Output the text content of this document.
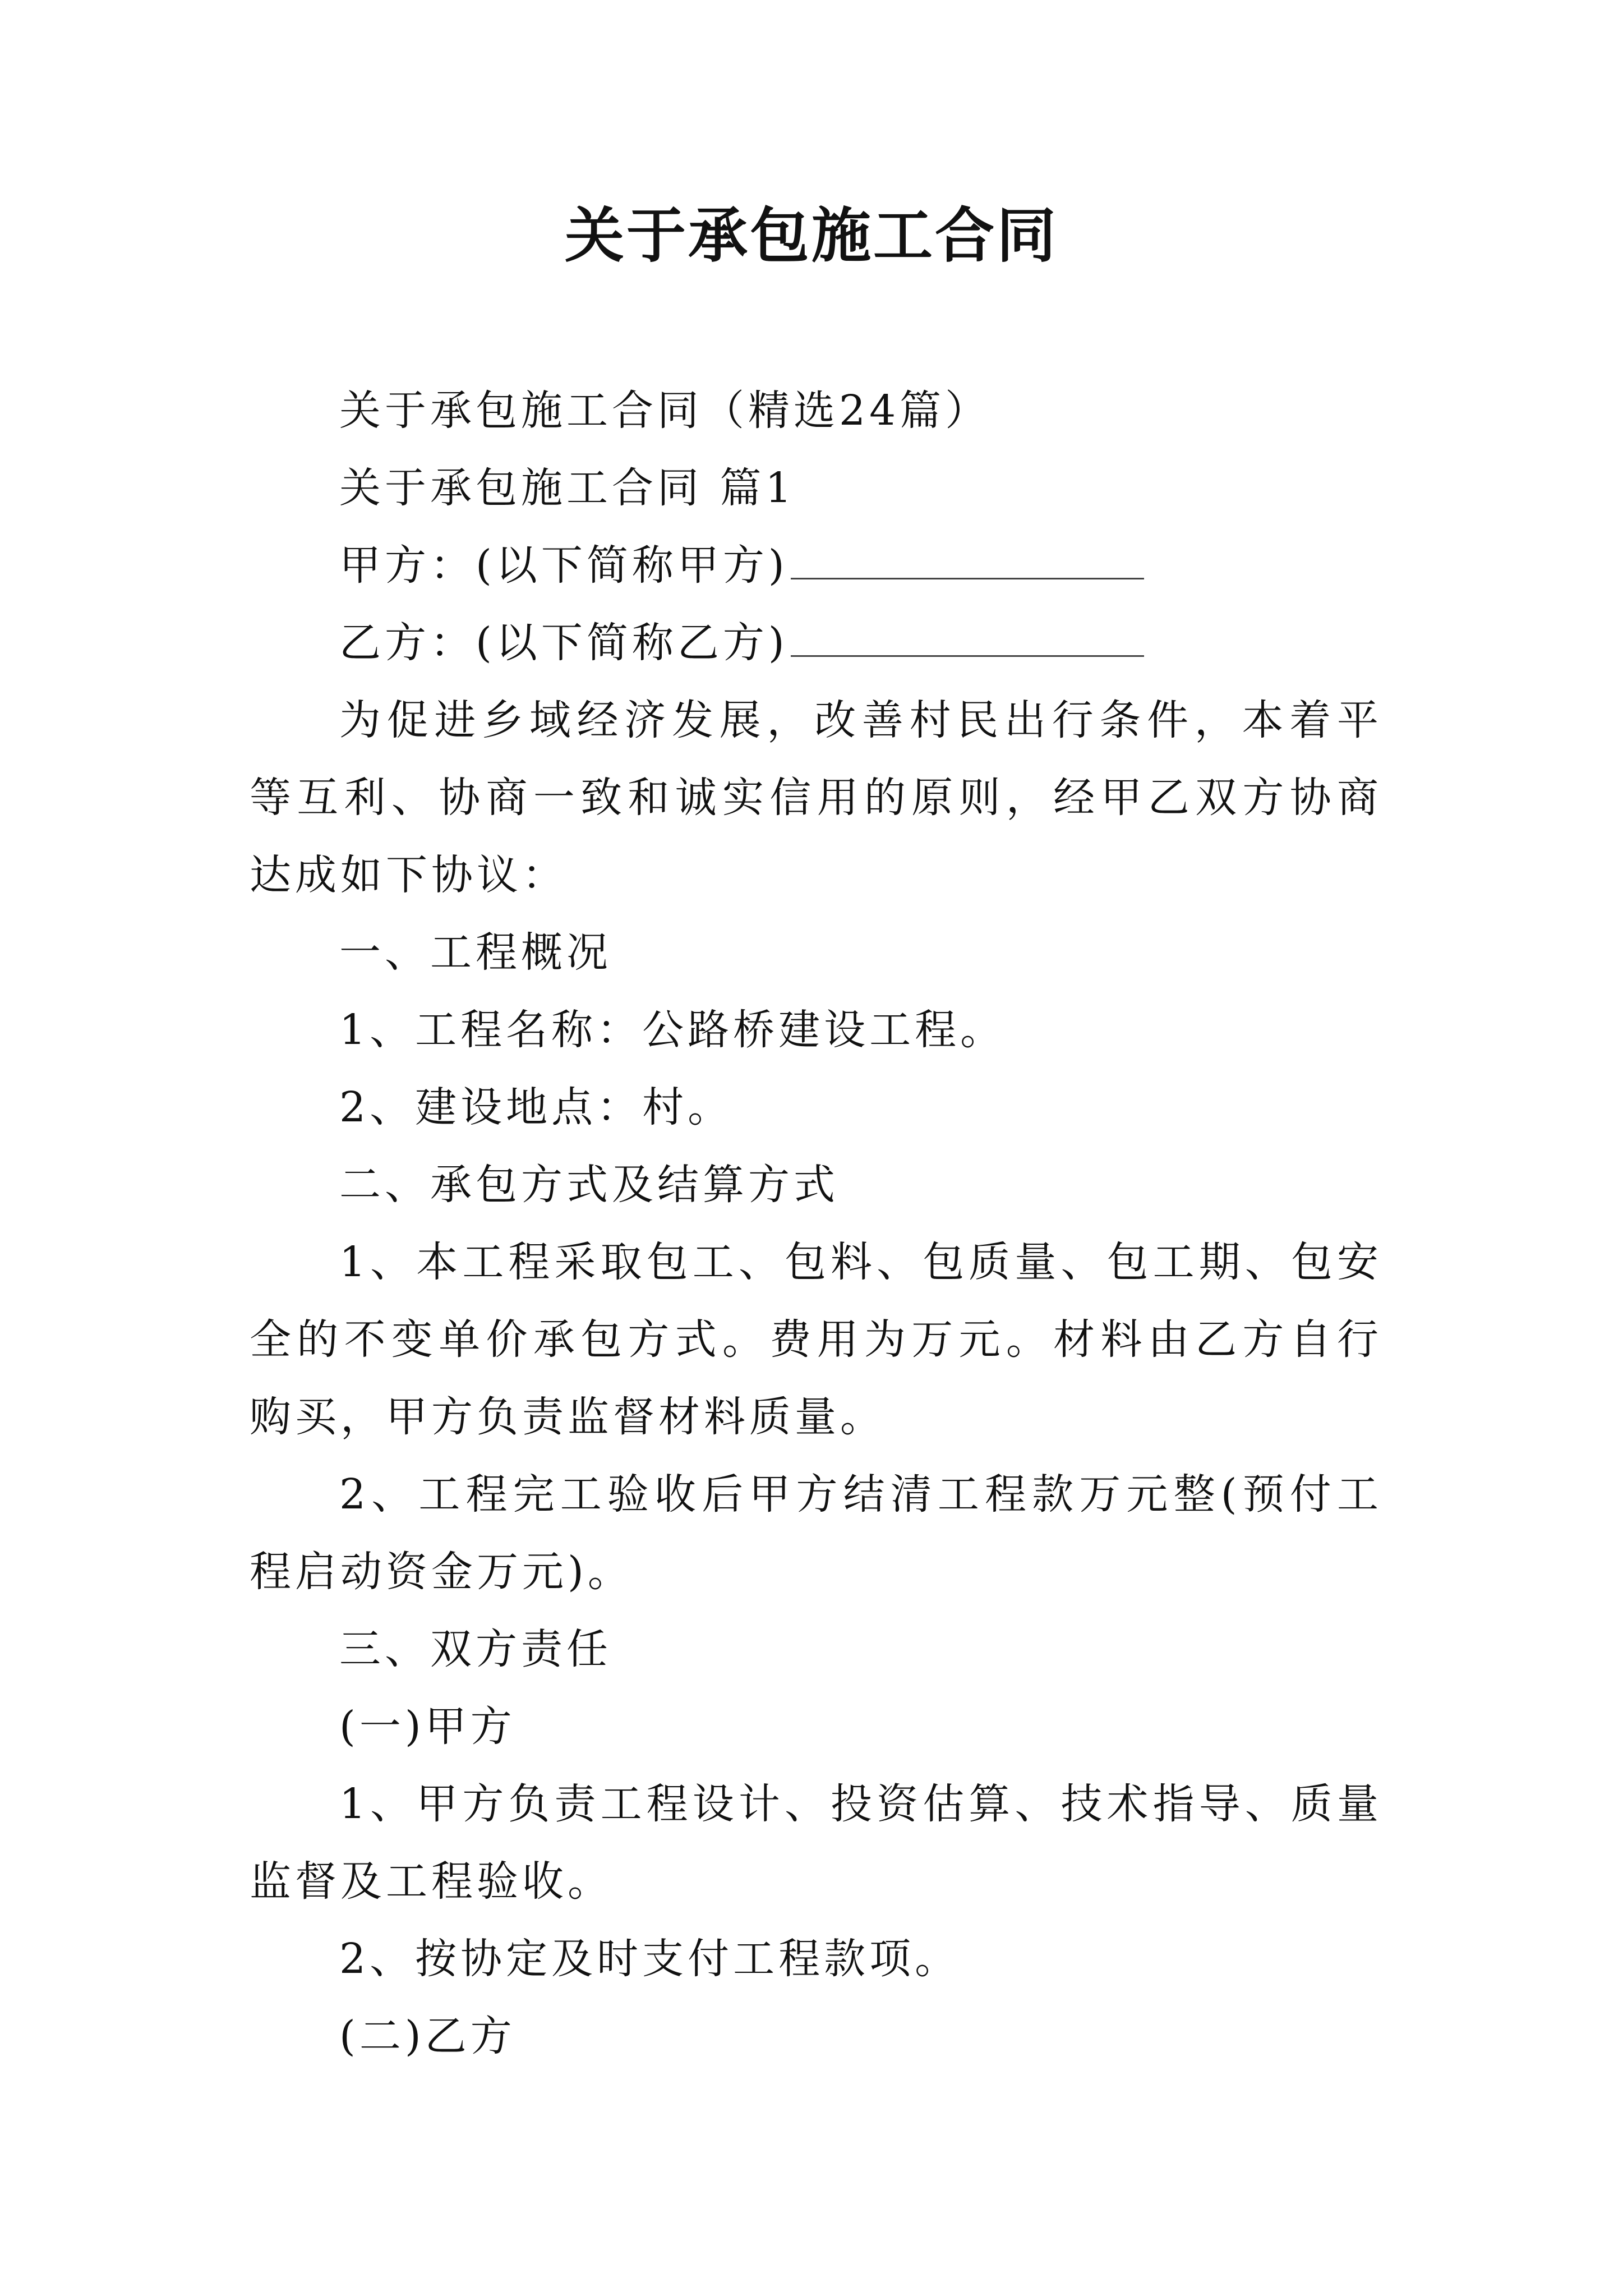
关于承包施工合同

关于承包施工合同（精选24篇）

关于承包施工合同 篇1

甲方：(以下简称甲方)

乙方：(以下简称乙方)

为促进乡域经济发展，改善村民出行条件，本着平等互利、协商一致和诚实信用的原则，经甲乙双方协商达成如下协议：

一、工程概况

1、工程名称：公路桥建设工程。

2、建设地点：村。

二、承包方式及结算方式

1、本工程采取包工、包料、包质量、包工期、包安全的不变单价承包方式。费用为万元。材料由乙方自行购买，甲方负责监督材料质量。

2、工程完工验收后甲方结清工程款万元整(预付工程启动资金万元)。

三、双方责任

(一)甲方

1、甲方负责工程设计、投资估算、技术指导、质量监督及工程验收。

2、按协定及时支付工程款项。

(二)乙方
